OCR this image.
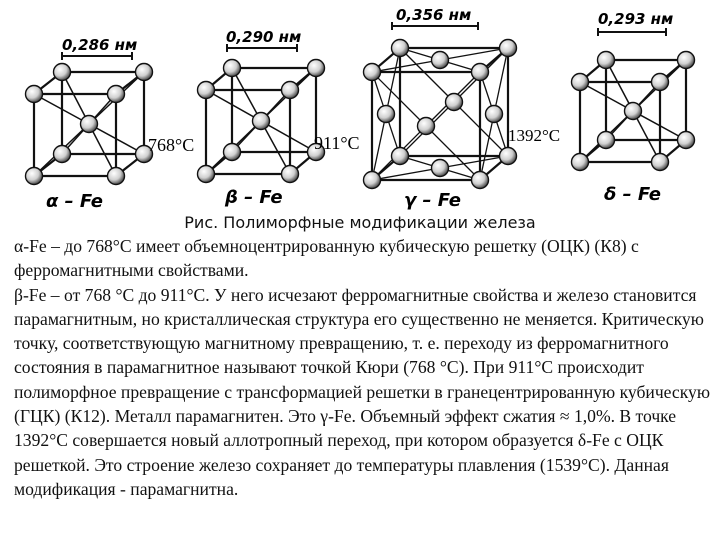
0,286 нм	0,290 нм
0,356 нм	0,293 нм
768°C	911°C	1392°C
α – Fe	β – Fe	γ – Fe	δ – Fe
Рис. Полиморфные модификации железа

α-Fe – до 768°С имеет объемноцентрированную кубическую решетку (ОЦК) (К8) с ферромагнитными свойствами.

β-Fe – от 768 °С до 911°С. У него исчезают ферромагнитные свойства и железо становится парамагнитным, но кристаллическая структура его существенно не меняется. Критическую точку, соответствующую магнитному превращению, т. е. переходу из ферромагнитного состояния в парамагнитное называют точкой Кюри (768 °С). При 911°С происходит полиморфное превращение с трансформацией решетки в гранецентрированную кубическую (ГЦК) (К12). Металл парамагнитен. Это γ-Fe. Объемный эффект сжатия ≈ 1,0%. В точке 1392°С совершается новый аллотропный переход, при котором образуется δ-Fe с ОЦК решеткой. Это строение железо сохраняет до температуры плавления (1539°С). Данная модификация - парамагнитна.
